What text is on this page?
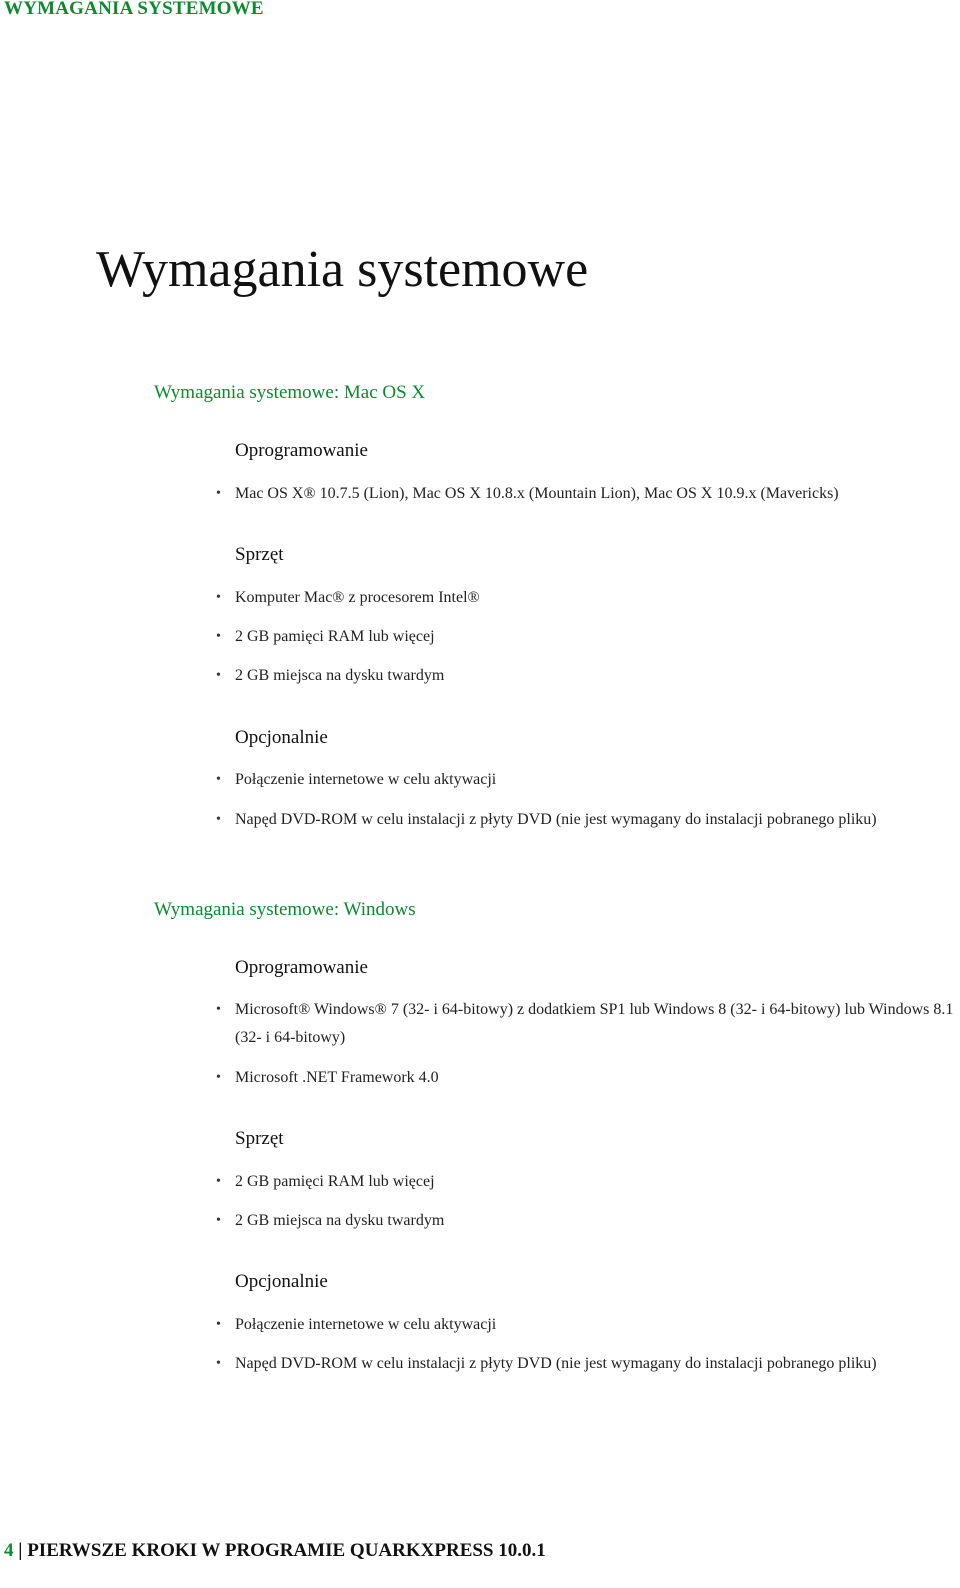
WYMAGANIA SYSTEMOWE
Wymagania systemowe
Wymagania systemowe: Mac OS X
Oprogramowanie
• Mac OS X® 10.7.5 (Lion), Mac OS X 10.8.x (Mountain Lion), Mac OS X 10.9.x (Mavericks)
Sprzęt
• Komputer Mac® z procesorem Intel®
• 2 GB pamięci RAM lub więcej
• 2 GB miejsca na dysku twardym
Opcjonalnie
• Połączenie internetowe w celu aktywacji
• Napęd DVD-ROM w celu instalacji z płyty DVD (nie jest wymagany do instalacji pobranego pliku)
Wymagania systemowe: Windows
Oprogramowanie
• Microsoft® Windows® 7 (32- i 64-bitowy) z dodatkiem SP1 lub Windows 8 (32- i 64-bitowy) lub Windows 8.1 (32- i 64-bitowy)
• Microsoft .NET Framework 4.0
Sprzęt
• 2 GB pamięci RAM lub więcej
• 2 GB miejsca na dysku twardym
Opcjonalnie
• Połączenie internetowe w celu aktywacji
• Napęd DVD-ROM w celu instalacji z płyty DVD (nie jest wymagany do instalacji pobranego pliku)
4 | PIERWSZE KROKI W PROGRAMIE QUARKXPRESS 10.0.1
